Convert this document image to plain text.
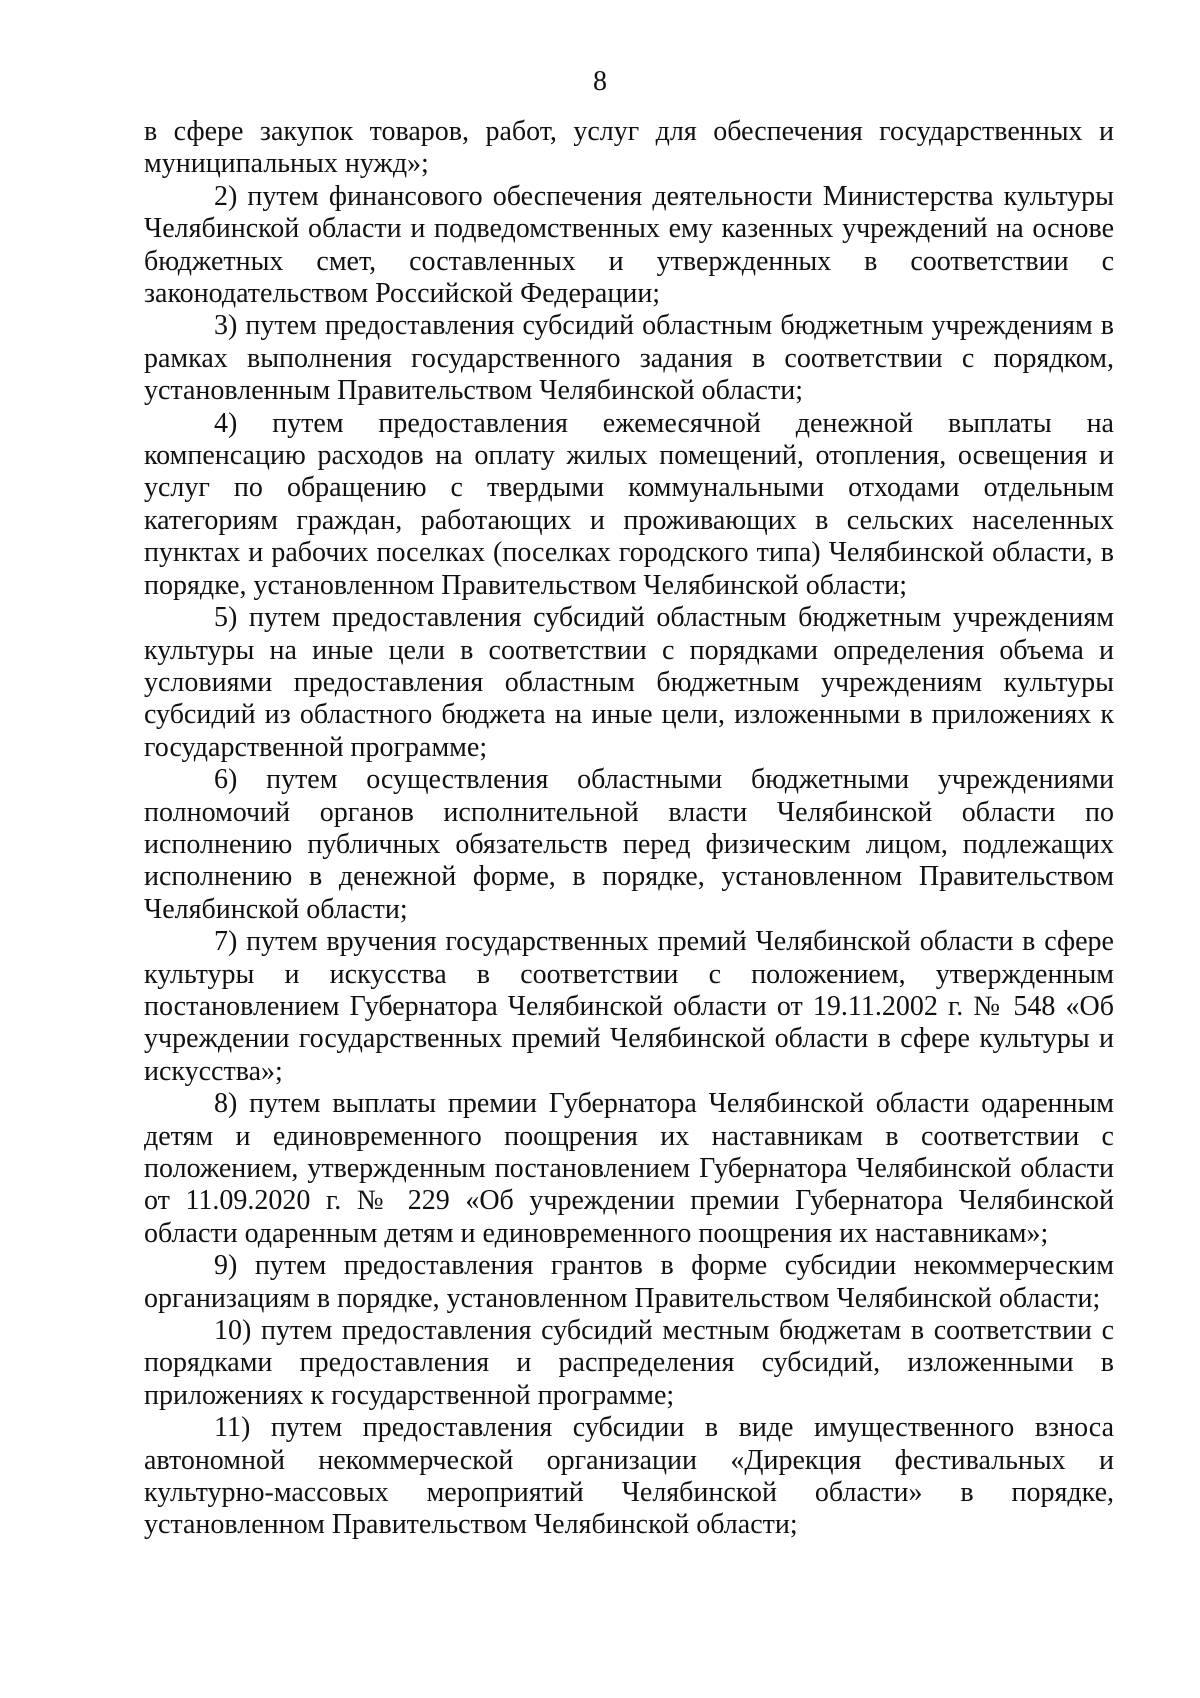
8

в сфере закупок товаров, работ, услуг для обеспечения государственных и муниципальных нужд»;

2) путем финансового обеспечения деятельности Министерства культуры Челябинской области и подведомственных ему казенных учреждений на основе бюджетных смет, составленных и утвержденных в соответствии с законодательством Российской Федерации;

3) путем предоставления субсидий областным бюджетным учреждениям в рамках выполнения государственного задания в соответствии с порядком, установленным Правительством Челябинской области;

4) путем предоставления ежемесячной денежной выплаты на компенсацию расходов на оплату жилых помещений, отопления, освещения и услуг по обращению с твердыми коммунальными отходами отдельным категориям граждан, работающих и проживающих в сельских населенных пунктах и рабочих поселках (поселках городского типа) Челябинской области, в порядке, установленном Правительством Челябинской области;

5) путем предоставления субсидий областным бюджетным учреждениям культуры на иные цели в соответствии с порядками определения объема и условиями предоставления областным бюджетным учреждениям культуры субсидий из областного бюджета на иные цели, изложенными в приложениях к государственной программе;

6) путем осуществления областными бюджетными учреждениями полномочий органов исполнительной власти Челябинской области по исполнению публичных обязательств перед физическим лицом, подлежащих исполнению в денежной форме, в порядке, установленном Правительством Челябинской области;

7) путем вручения государственных премий Челябинской области в сфере культуры и искусства в соответствии с положением, утвержденным постановлением Губернатора Челябинской области от 19.11.2002 г. № 548 «Об учреждении государственных премий Челябинской области в сфере культуры и искусства»;

8) путем выплаты премии Губернатора Челябинской области одаренным детям и единовременного поощрения их наставникам в соответствии с положением, утвержденным постановлением Губернатора Челябинской области от 11.09.2020 г. № 229 «Об учреждении премии Губернатора Челябинской области одаренным детям и единовременного поощрения их наставникам»;

9) путем предоставления грантов в форме субсидии некоммерческим организациям в порядке, установленном Правительством Челябинской области;

10) путем предоставления субсидий местным бюджетам в соответствии с порядками предоставления и распределения субсидий, изложенными в приложениях к государственной программе;

11) путем предоставления субсидии в виде имущественного взноса автономной некоммерческой организации «Дирекция фестивальных и культурно-массовых мероприятий Челябинской области» в порядке, установленном Правительством Челябинской области;
